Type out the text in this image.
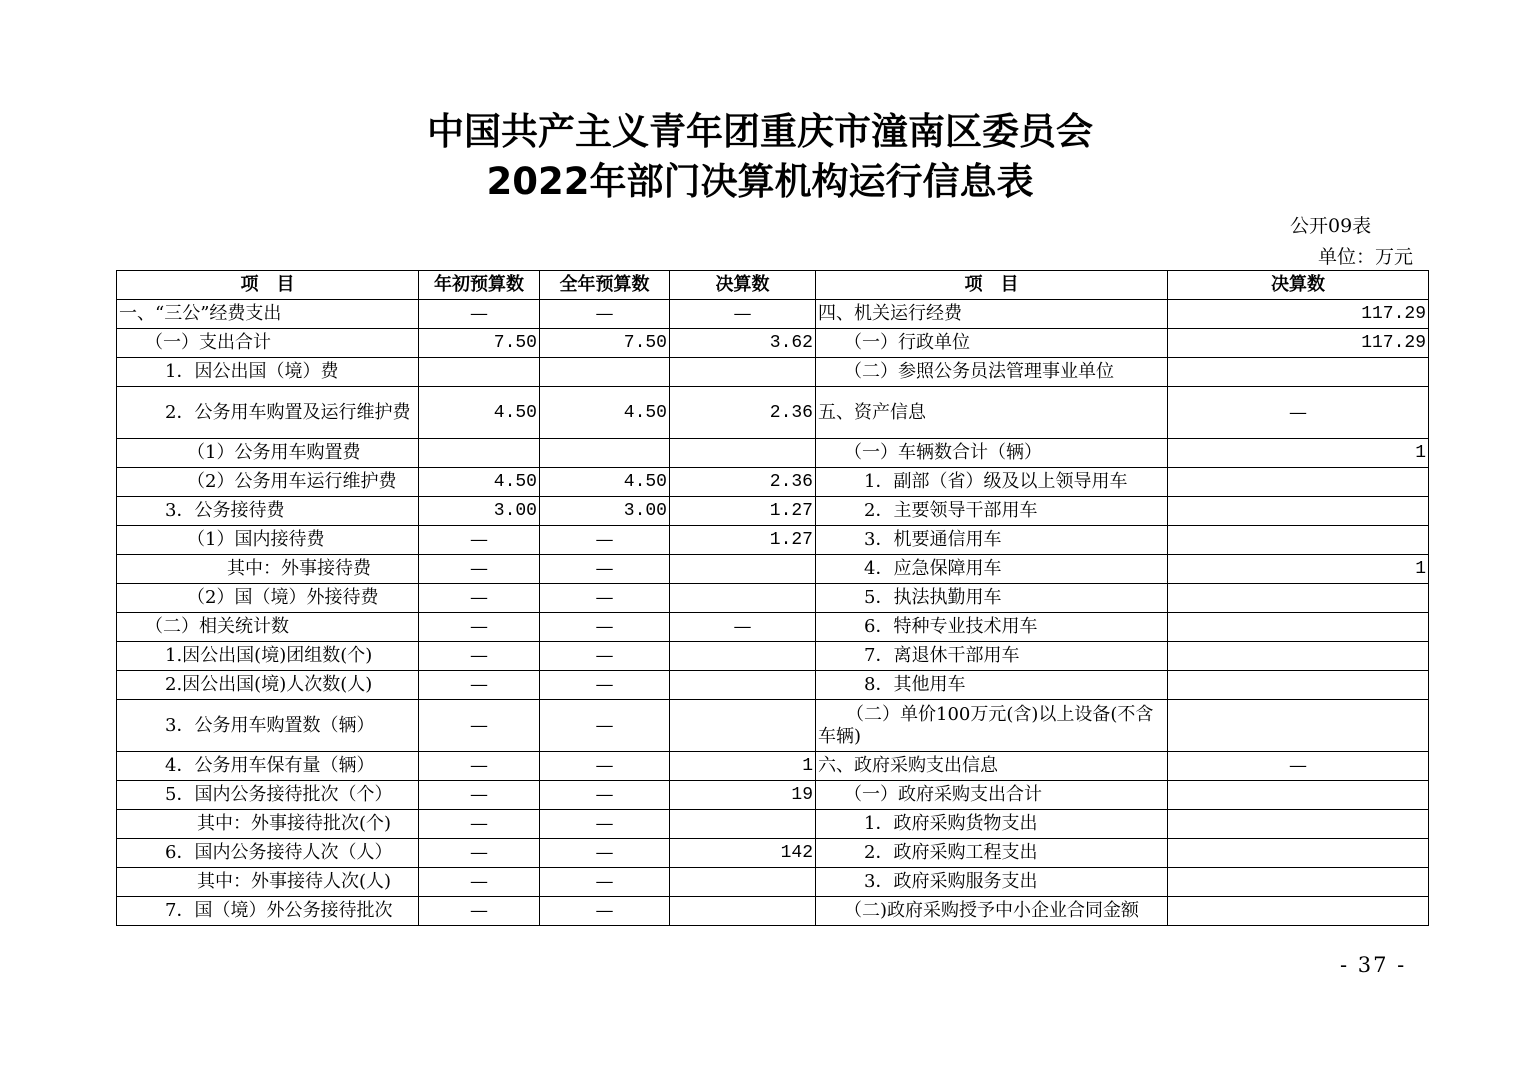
中国共产主义青年团重庆市潼南区委员会
2022年部门决算机构运行信息表
公开09表
单位：万元
项　目	年初预算数	全年预算数	决算数	项　目	决算数
一、“三公”经费支出	—	—	—	四、机关运行经费	117.29
（一）支出合计	7.50	7.50	3.62	（一）行政单位	117.29
1．因公出国（境）费				（二）参照公务员法管理事业单位	
2．公务用车购置及运行维护费	4.50	4.50	2.36	五、资产信息	—
（1）公务用车购置费				（一）车辆数合计（辆）	1
（2）公务用车运行维护费	4.50	4.50	2.36	1．副部（省）级及以上领导用车	
3．公务接待费	3.00	3.00	1.27	2．主要领导干部用车	
（1）国内接待费	—	—	1.27	3．机要通信用车	
其中：外事接待费	—	—		4．应急保障用车	1
（2）国（境）外接待费	—	—		5．执法执勤用车	
（二）相关统计数	—	—	—	6．特种专业技术用车	
1.因公出国(境)团组数(个)	—	—		7．离退休干部用车	
2.因公出国(境)人次数(人)	—	—		8．其他用车	
3．公务用车购置数（辆）	—	—		（二）单价100万元(含)以上设备(不含车辆)	
4．公务用车保有量（辆）	—	—	1	六、政府采购支出信息	—
5．国内公务接待批次（个）	—	—	19	（一）政府采购支出合计	
其中：外事接待批次(个)	—	—		1．政府采购货物支出	
6．国内公务接待人次（人）	—	—	142	2．政府采购工程支出	
其中：外事接待人次(人)	—	—		3．政府采购服务支出	
7．国（境）外公务接待批次	—	—		（二)政府采购授予中小企业合同金额	
- 37 -
